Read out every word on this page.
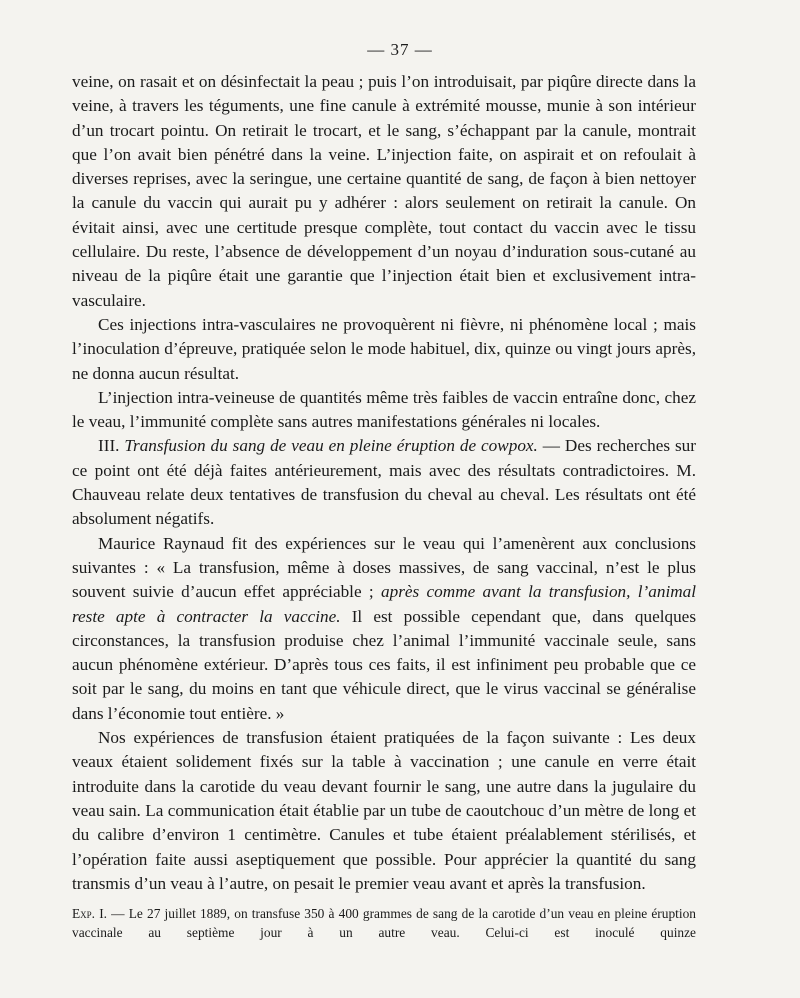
— 37 —

veine, on rasait et on désinfectait la peau ; puis l’on introduisait, par piqûre directe dans la veine, à travers les téguments, une fine canule à extrémité mousse, munie à son intérieur d’un trocart pointu. On retirait le trocart, et le sang, s’échappant par la canule, montrait que l’on avait bien pénétré dans la veine. L’injection faite, on aspirait et on refoulait à diverses reprises, avec la seringue, une certaine quantité de sang, de façon à bien nettoyer la canule du vaccin qui aurait pu y adhérer : alors seulement on retirait la canule. On évitait ainsi, avec une certitude presque complète, tout contact du vaccin avec le tissu cellulaire. Du reste, l’absence de développement d’un noyau d’induration sous-cutané au niveau de la piqûre était une garantie que l’injection était bien et exclusivement intra-vasculaire.

Ces injections intra-vasculaires ne provoquèrent ni fièvre, ni phénomène local ; mais l’inoculation d’épreuve, pratiquée selon le mode habituel, dix, quinze ou vingt jours après, ne donna aucun résultat.

L’injection intra-veineuse de quantités même très faibles de vaccin entraîne donc, chez le veau, l’immunité complète sans autres manifestations générales ni locales.

III. Transfusion du sang de veau en pleine éruption de cowpox. — Des recherches sur ce point ont été déjà faites antérieurement, mais avec des résultats contradictoires. M. Chauveau relate deux tentatives de transfusion du cheval au cheval. Les résultats ont été absolument négatifs.

Maurice Raynaud fit des expériences sur le veau qui l’amenèrent aux conclusions suivantes : « La transfusion, même à doses massives, de sang vaccinal, n’est le plus souvent suivie d’aucun effet appréciable ; après comme avant la transfusion, l’animal reste apte à contracter la vaccine. Il est possible cependant que, dans quelques circonstances, la transfusion produise chez l’animal l’immunité vaccinale seule, sans aucun phénomène extérieur. D’après tous ces faits, il est infiniment peu probable que ce soit par le sang, du moins en tant que véhicule direct, que le virus vaccinal se généralise dans l’économie tout entière. »

Nos expériences de transfusion étaient pratiquées de la façon suivante : Les deux veaux étaient solidement fixés sur la table à vaccination ; une canule en verre était introduite dans la carotide du veau devant fournir le sang, une autre dans la jugulaire du veau sain. La communication était établie par un tube de caoutchouc d’un mètre de long et du calibre d’environ 1 centimètre. Canules et tube étaient préalablement stérilisés, et l’opération faite aussi aseptiquement que possible. Pour apprécier la quantité du sang transmis d’un veau à l’autre, on pesait le premier veau avant et après la transfusion.

Exp. I. — Le 27 juillet 1889, on transfuse 350 à 400 grammes de sang de la carotide d’un veau en pleine éruption vaccinale au septième jour à un autre veau. Celui-ci est inoculé quinze
